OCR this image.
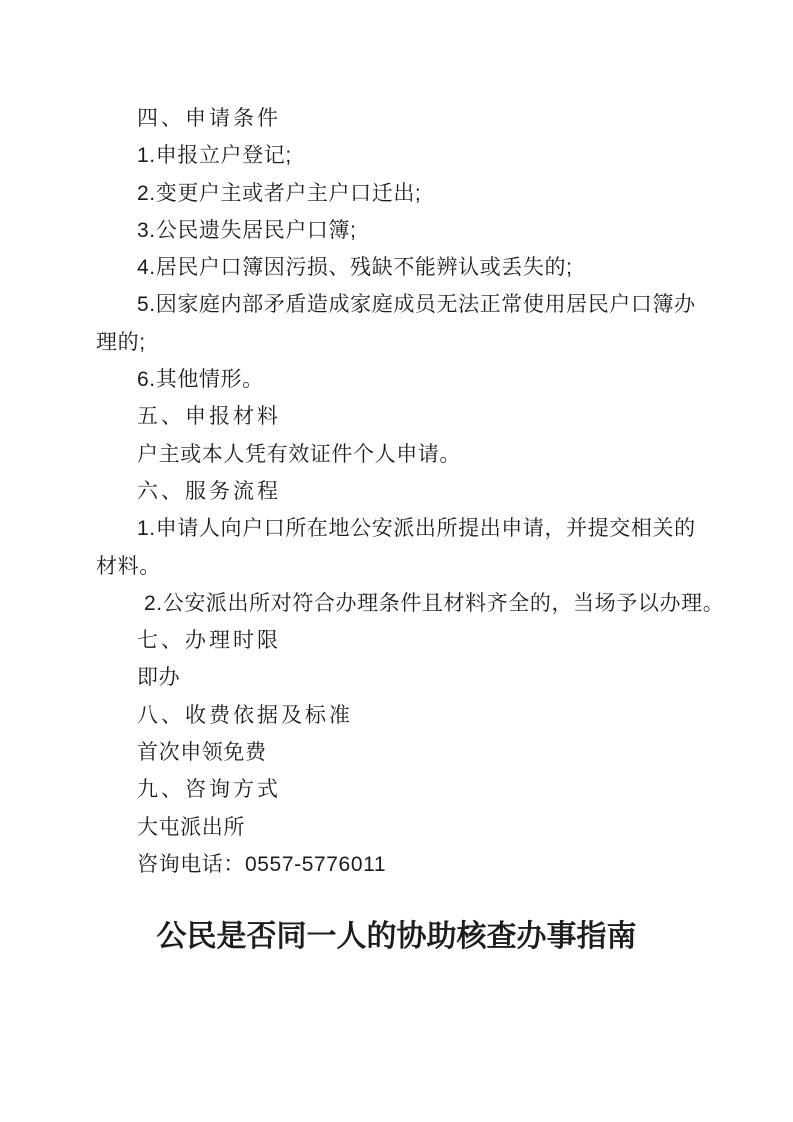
四、申请条件
1.申报立户登记;
2.变更户主或者户主户口迁出;
3.公民遗失居民户口簿;
4.居民户口簿因污损、残缺不能辨认或丢失的;
5.因家庭内部矛盾造成家庭成员无法正常使用居民户口簿办
理的;
6.其他情形。
五、申报材料
户主或本人凭有效证件个人申请。
六、服务流程
1.申请人向户口所在地公安派出所提出申请，并提交相关的
材料。
2.公安派出所对符合办理条件且材料齐全的，当场予以办理。
七、办理时限
即办
八、收费依据及标准
首次申领免费
九、咨询方式
大屯派出所
咨询电话：0557-5776011
公民是否同一人的协助核查办事指南
